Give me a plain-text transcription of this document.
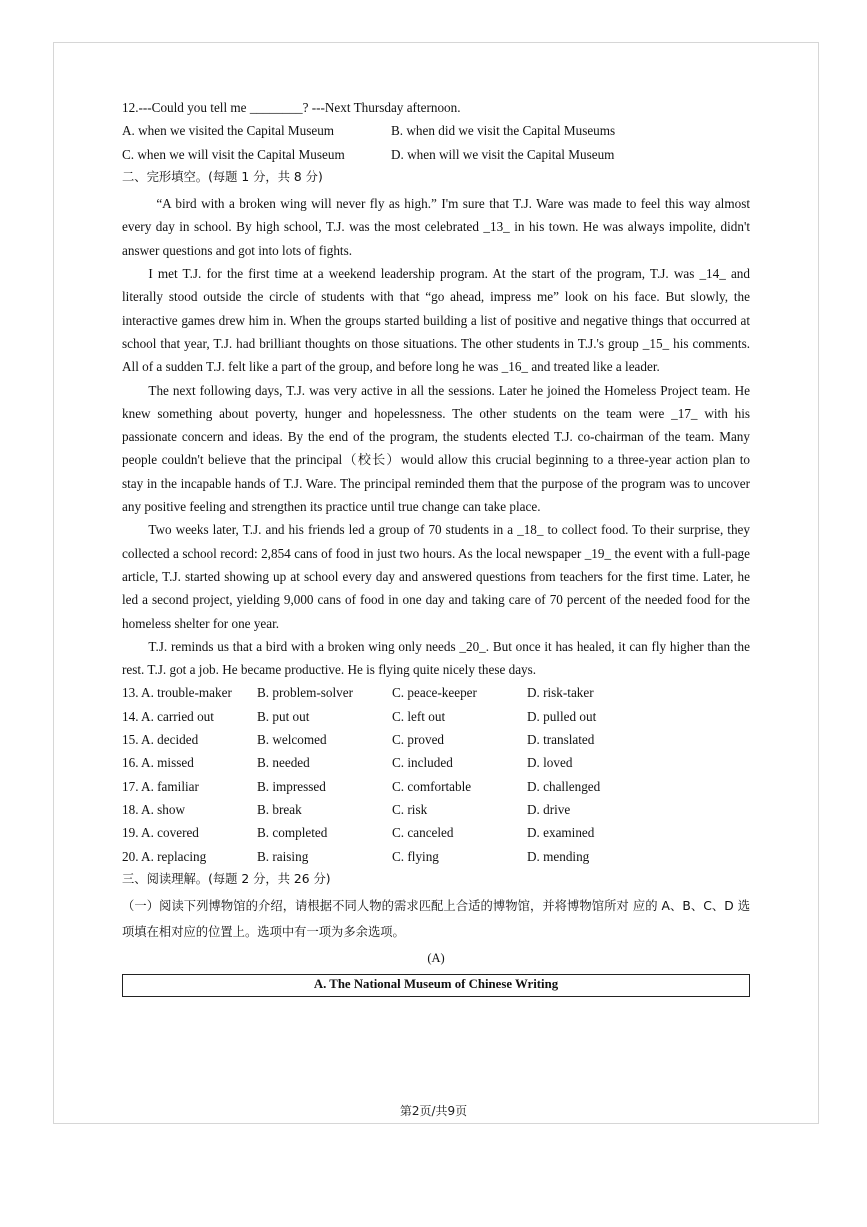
12.---Could you tell me ________? ---Next Thursday afternoon.
A. when we visited the Capital Museum	B. when did we visit the Capital Museums
C. when we will visit the Capital Museum	D. when will we visit the Capital Museum
二、完形填空。(每题 1 分，共 8 分)
“A bird with a broken wing will never fly as high.” I'm sure that T.J. Ware was made to feel this way almost every day in school. By high school, T.J. was the most celebrated _13_ in his town. He was always impolite, didn't answer questions and got into lots of fights.
I met T.J. for the first time at a weekend leadership program. At the start of the program, T.J. was _14_ and literally stood outside the circle of students with that “go ahead, impress me” look on his face. But slowly, the interactive games drew him in. When the groups started building a list of positive and negative things that occurred at school that year, T.J. had brilliant thoughts on those situations. The other students in T.J.'s group _15_ his comments. All of a sudden T.J. felt like a part of the group, and before long he was _16_ and treated like a leader.
The next following days, T.J. was very active in all the sessions. Later he joined the Homeless Project team. He knew something about poverty, hunger and hopelessness. The other students on the team were _17_ with his passionate concern and ideas. By the end of the program, the students elected T.J. co-chairman of the team. Many people couldn't believe that the principal（校长）would allow this crucial beginning to a three-year action plan to stay in the incapable hands of T.J. Ware. The principal reminded them that the purpose of the program was to uncover any positive feeling and strengthen its practice until true change can take place.
Two weeks later, T.J. and his friends led a group of 70 students in a _18_ to collect food. To their surprise, they collected a school record: 2,854 cans of food in just two hours. As the local newspaper _19_ the event with a full-page article, T.J. started showing up at school every day and answered questions from teachers for the first time. Later, he led a second project, yielding 9,000 cans of food in one day and taking care of 70 percent of the needed food for the homeless shelter for one year.
T.J. reminds us that a bird with a broken wing only needs _20_. But once it has healed, it can fly higher than the rest. T.J. got a job. He became productive. He is flying quite nicely these days.
13. A. trouble-maker	B. problem-solver	C. peace-keeper	D. risk-taker
14. A. carried out	B. put out	C. left out	D. pulled out
15. A. decided	B. welcomed	C. proved	D. translated
16. A. missed	B. needed	C. included	D. loved
17. A. familiar	B. impressed	C. comfortable	D. challenged
18. A. show	B. break	C. risk	D. drive
19. A. covered	B. completed	C. canceled	D. examined
20. A. replacing	B. raising	C. flying	D. mending
三、阅读理解。(每题 2 分，共 26 分)
（一）阅读下列博物馆的介绍，请根据不同人物的需求匹配上合适的博物馆，并将博物馆所对 应的 A、B、C、D 选项填在相对应的位置上。选项中有一项为多余选项。
(A)
A. The National Museum of Chinese Writing
第2页/共9页
